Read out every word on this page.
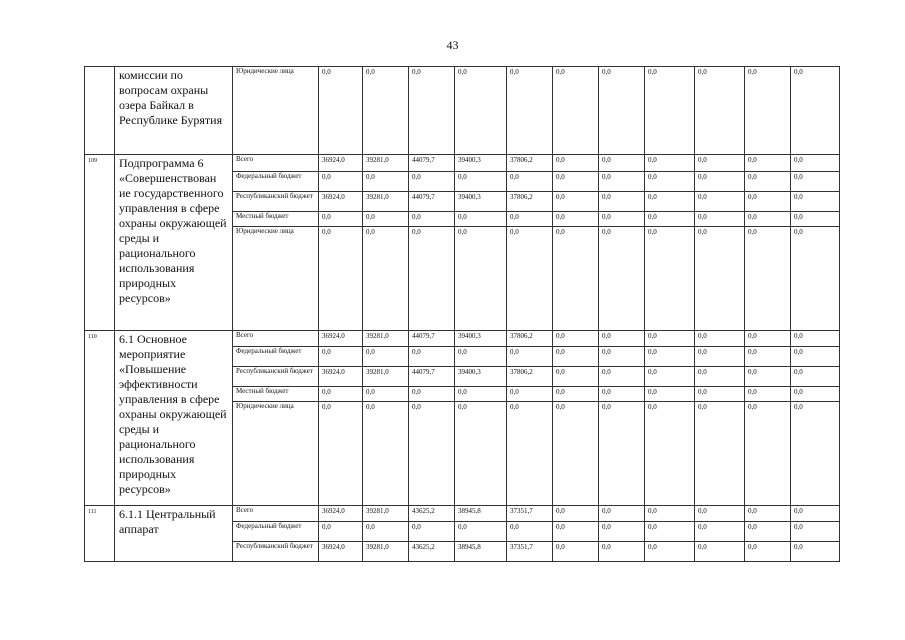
43
	комиссии по вопросам охраны озера Байкал в Республике Бурятия	Юридические лица	0,0	0,0	0,0	0,0	0,0	0,0	0,0	0,0	0,0	0,0	0,0
109	Подпрограмма 6 «Совершенствован ие государственного управления в сфере охраны окружающей среды и рационального использования природных ресурсов»	Всего	36924,0	39281,0	44079,7	39400,3	37806,2	0,0	0,0	0,0	0,0	0,0	0,0
		Федеральный бюджет	0,0	0,0	0,0	0,0	0,0	0,0	0,0	0,0	0,0	0,0	0,0
		Республиканский бюджет	36924,0	39281,0	44079,7	39400,3	37806,2	0,0	0,0	0,0	0,0	0,0	0,0
		Местный бюджет	0,0	0,0	0,0	0,0	0,0	0,0	0,0	0,0	0,0	0,0	0,0
		Юридические лица	0,0	0,0	0,0	0,0	0,0	0,0	0,0	0,0	0,0	0,0	0,0
110	6.1 Основное мероприятие «Повышение эффективности управления в сфере охраны окружающей среды и рационального использования природных ресурсов»	Всего	36924,0	39281,0	44079,7	39400,3	37806,2	0,0	0,0	0,0	0,0	0,0	0,0
		Федеральный бюджет	0,0	0,0	0,0	0,0	0,0	0,0	0,0	0,0	0,0	0,0	0,0
		Республиканский бюджет	36924,0	39281,0	44079,7	39400,3	37806,2	0,0	0,0	0,0	0,0	0,0	0,0
		Местный бюджет	0,0	0,0	0,0	0,0	0,0	0,0	0,0	0,0	0,0	0,0	0,0
		Юридические лица	0,0	0,0	0,0	0,0	0,0	0,0	0,0	0,0	0,0	0,0	0,0
111	6.1.1 Центральный аппарат	Всего	36924,0	39281,0	43625,2	38945,8	37351,7	0,0	0,0	0,0	0,0	0,0	0,0
		Федеральный бюджет	0,0	0,0	0,0	0,0	0,0	0,0	0,0	0,0	0,0	0,0	0,0
		Республиканский бюджет	36924,0	39281,0	43625,2	38945,8	37351,7	0,0	0,0	0,0	0,0	0,0	0,0
